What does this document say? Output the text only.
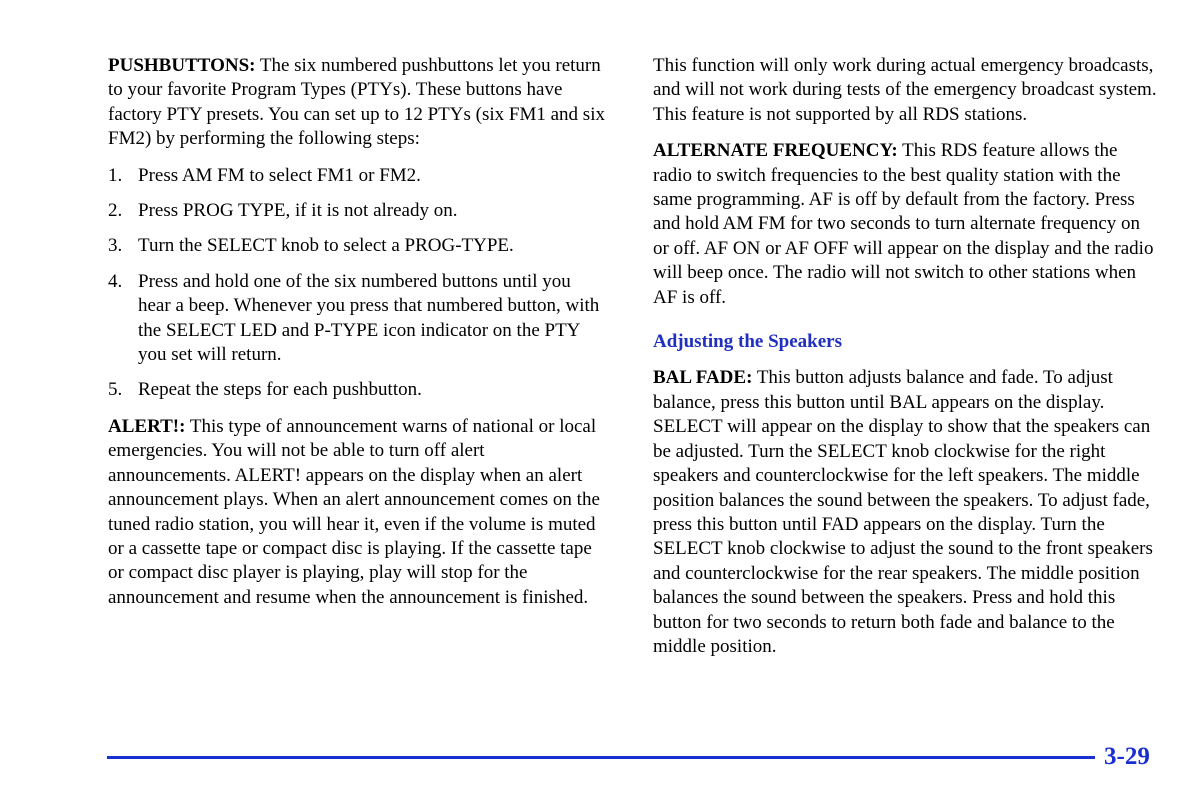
PUSHBUTTONS: The six numbered pushbuttons let you return to your favorite Program Types (PTYs). These buttons have factory PTY presets. You can set up to 12 PTYs (six FM1 and six FM2) by performing the following steps:

1. Press AM FM to select FM1 or FM2.
2. Press PROG TYPE, if it is not already on.
3. Turn the SELECT knob to select a PROG-TYPE.
4. Press and hold one of the six numbered buttons until you hear a beep. Whenever you press that numbered button, with the SELECT LED and P-TYPE icon indicator on the PTY you set will return.
5. Repeat the steps for each pushbutton.

ALERT!: This type of announcement warns of national or local emergencies. You will not be able to turn off alert announcements. ALERT! appears on the display when an alert announcement plays. When an alert announcement comes on the tuned radio station, you will hear it, even if the volume is muted or a cassette tape or compact disc is playing. If the cassette tape or compact disc player is playing, play will stop for the announcement and resume when the announcement is finished.

This function will only work during actual emergency broadcasts, and will not work during tests of the emergency broadcast system. This feature is not supported by all RDS stations.

ALTERNATE FREQUENCY: This RDS feature allows the radio to switch frequencies to the best quality station with the same programming. AF is off by default from the factory. Press and hold AM FM for two seconds to turn alternate frequency on or off. AF ON or AF OFF will appear on the display and the radio will beep once. The radio will not switch to other stations when AF is off.

Adjusting the Speakers

BAL FADE: This button adjusts balance and fade. To adjust balance, press this button until BAL appears on the display. SELECT will appear on the display to show that the speakers can be adjusted. Turn the SELECT knob clockwise for the right speakers and counterclockwise for the left speakers. The middle position balances the sound between the speakers. To adjust fade, press this button until FAD appears on the display. Turn the SELECT knob clockwise to adjust the sound to the front speakers and counterclockwise for the rear speakers. The middle position balances the sound between the speakers. Press and hold this button for two seconds to return both fade and balance to the middle position.

3-29
